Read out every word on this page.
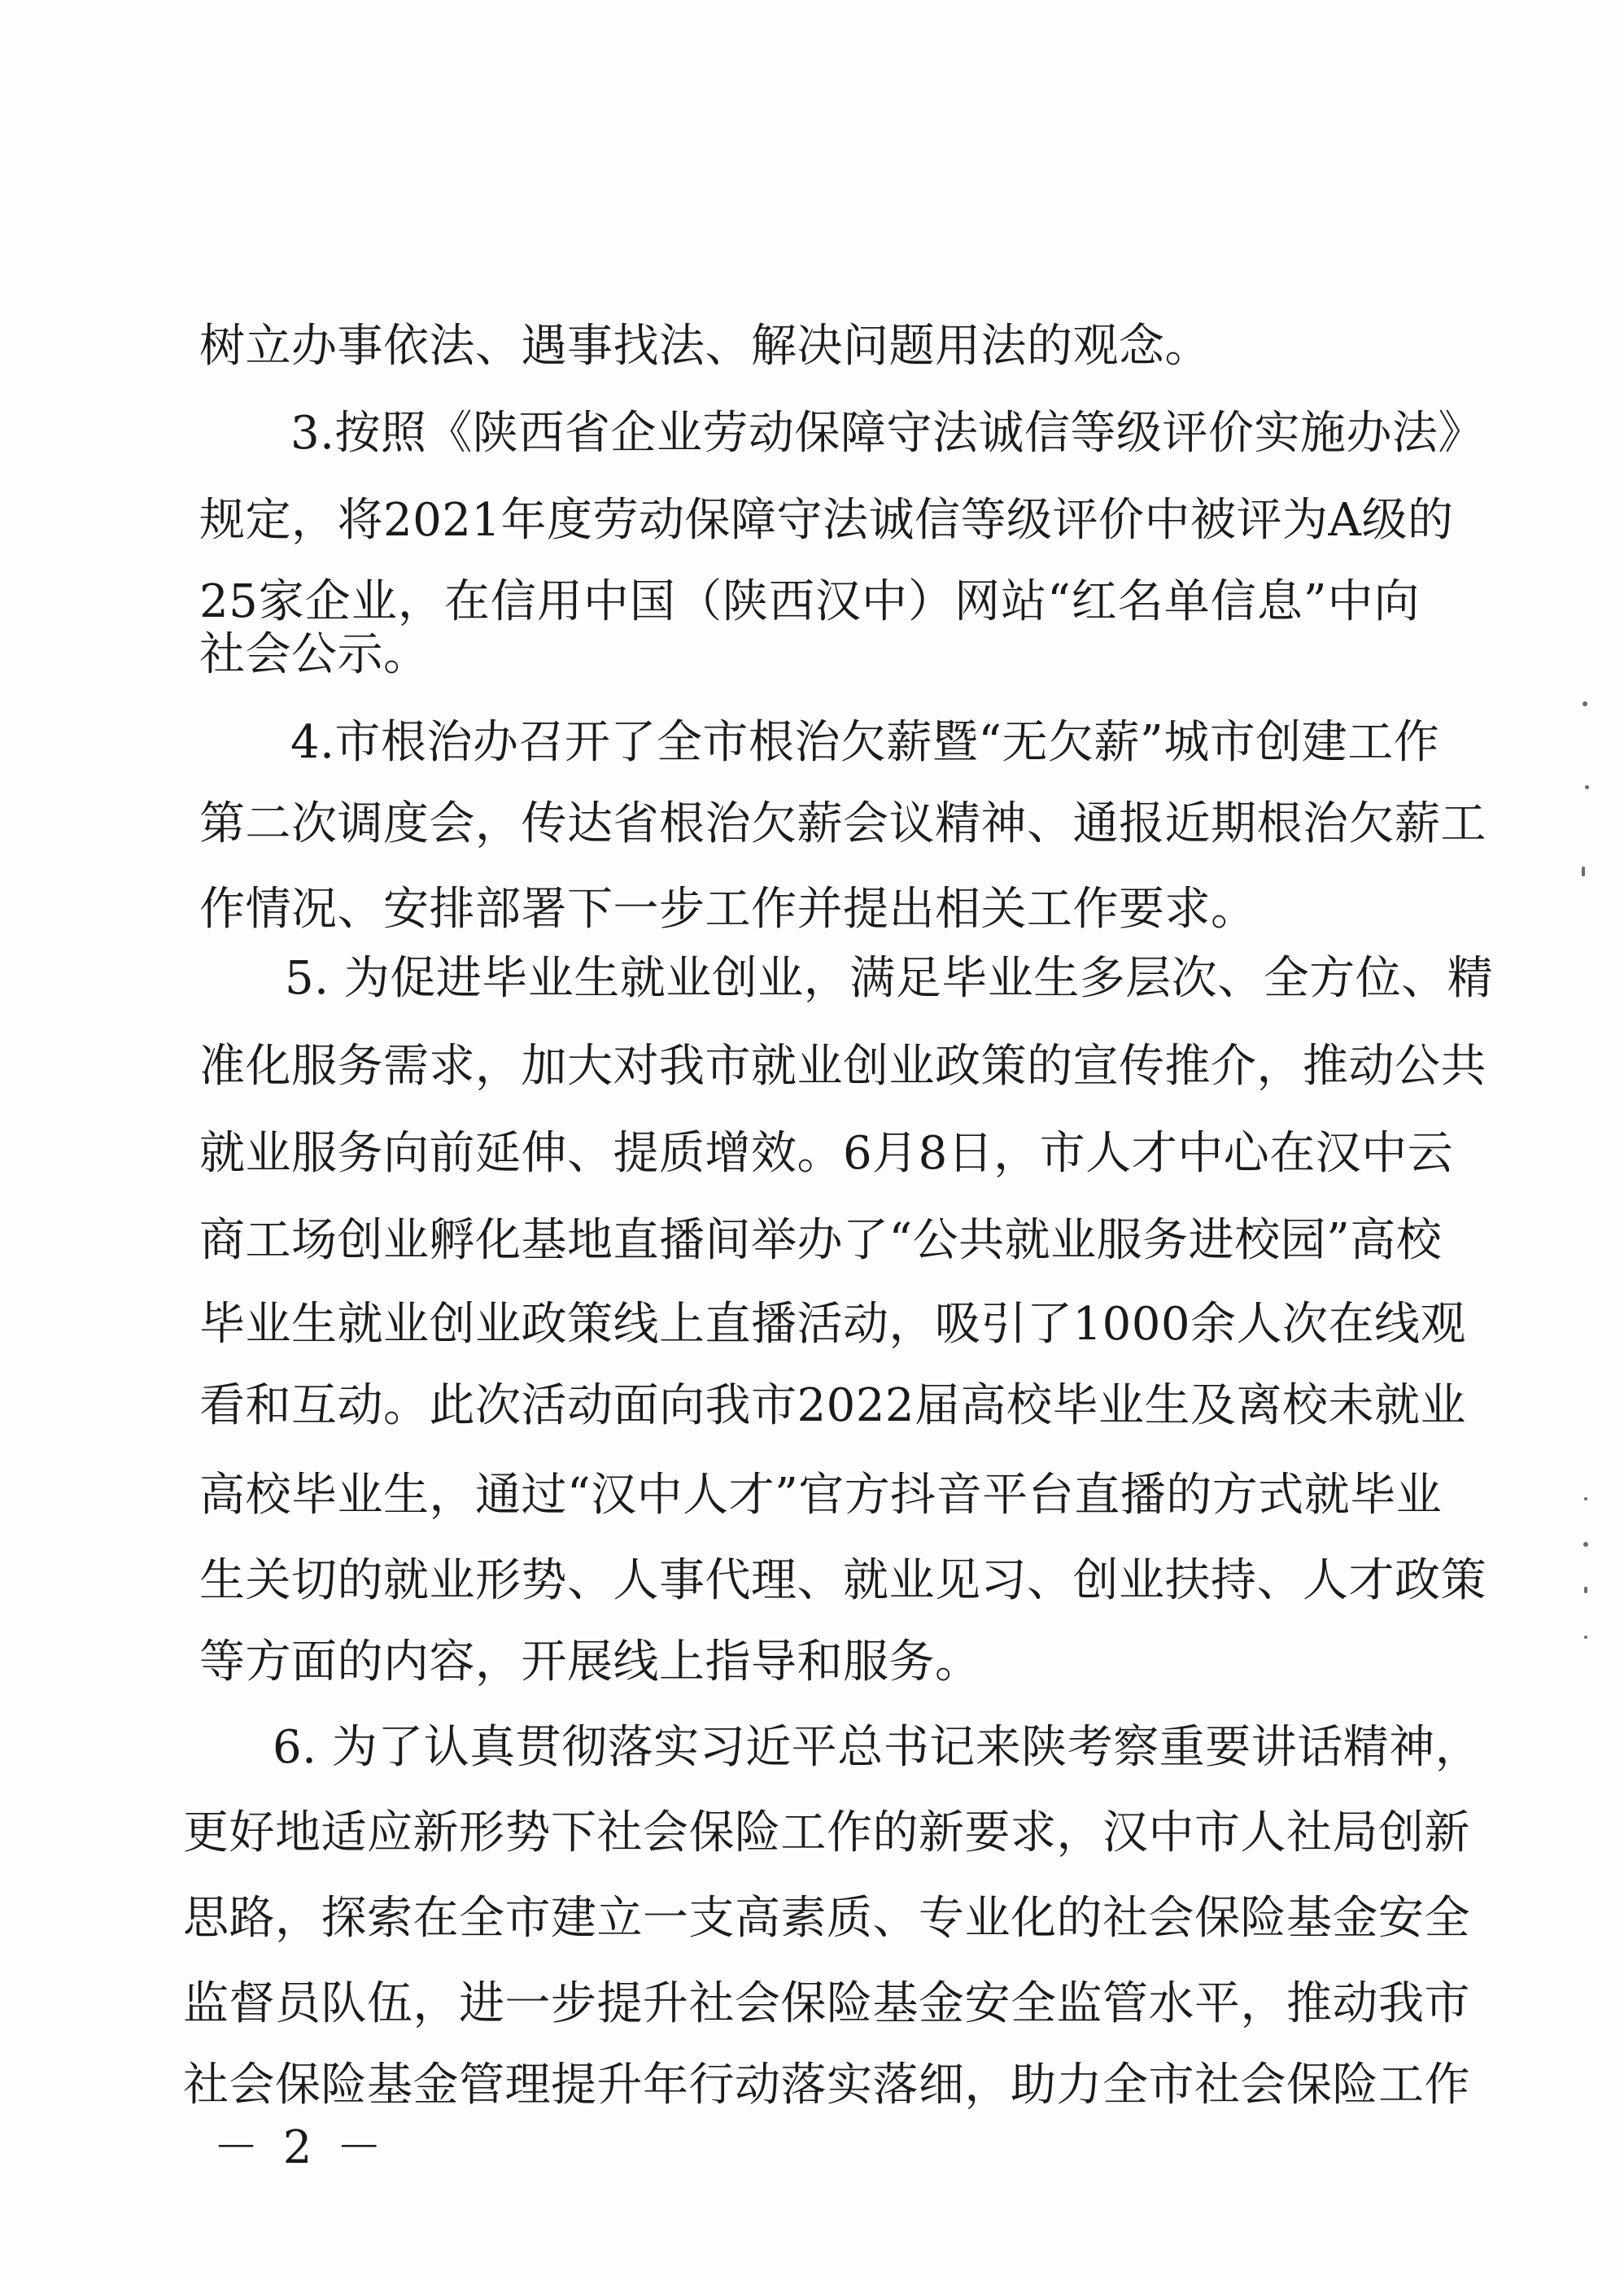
树立办事依法、遇事找法、解决问题用法的观念。
3.按照《陕西省企业劳动保障守法诚信等级评价实施办法》
规定，将2021年度劳动保障守法诚信等级评价中被评为A级的
25家企业，在信用中国（陕西汉中）网站“红名单信息”中向
社会公示。
4.市根治办召开了全市根治欠薪暨“无欠薪”城市创建工作
第二次调度会，传达省根治欠薪会议精神、通报近期根治欠薪工
作情况、安排部署下一步工作并提出相关工作要求。
5. 为促进毕业生就业创业，满足毕业生多层次、全方位、精
准化服务需求，加大对我市就业创业政策的宣传推介，推动公共
就业服务向前延伸、提质增效。6月8日，市人才中心在汉中云
商工场创业孵化基地直播间举办了“公共就业服务进校园”高校
毕业生就业创业政策线上直播活动，吸引了1000余人次在线观
看和互动。此次活动面向我市2022届高校毕业生及离校未就业
高校毕业生，通过“汉中人才”官方抖音平台直播的方式就毕业
生关切的就业形势、人事代理、就业见习、创业扶持、人才政策
等方面的内容，开展线上指导和服务。
6. 为了认真贯彻落实习近平总书记来陕考察重要讲话精神，
更好地适应新形势下社会保险工作的新要求，汉中市人社局创新
思路，探索在全市建立一支高素质、专业化的社会保险基金安全
监督员队伍，进一步提升社会保险基金安全监管水平，推动我市
社会保险基金管理提升年行动落实落细，助力全市社会保险工作
－ 2 －
